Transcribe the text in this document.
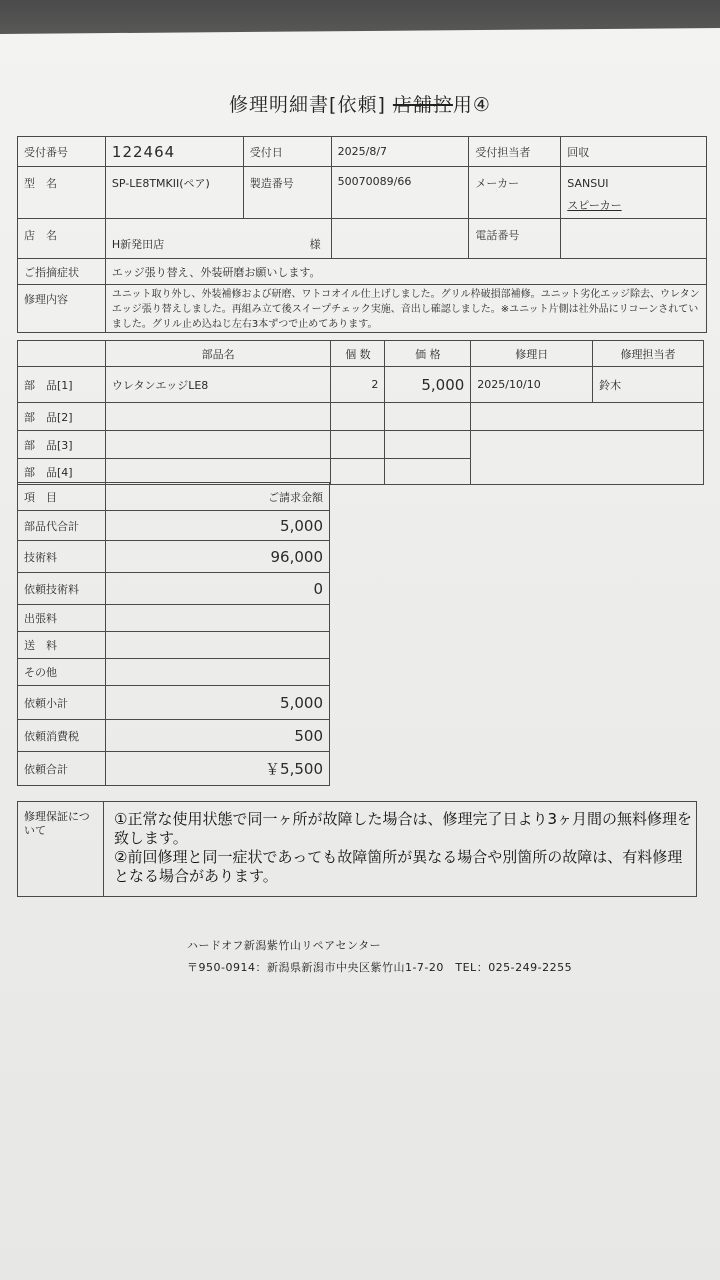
修理明細書[依頼] 店舗控用④
受付番号	122464	受付日	2025/8/7	受付担当者	回収
型　名	SP-LE8TMKII(ペア)	製造番号	50070089/66	メーカー	SANSUI
スピーカー

店　名	H新発田店 様			電話番号	
ご指摘症状	エッジ張り替え、外装研磨お願いします。				
修理内容	ユニット取り外し、外装補修および研磨、ワトコオイル仕上げしました。グリル枠破損部補修。ユニット劣化エッジ除去、ウレタンエッジ張り替えしました。再組み立て後スイープチェック実施、音出し確認しました。※ユニット片側は社外品にリコーンされていました。グリル止め込ねじ左右3本ずつで止めてあります。				
	部品名	個 数	価 格	修理日	修理担当者
部　品[1]	ウレタンエッジLE8	2	5,000	2025/10/10	鈴木
部　品[2]					
部　品[3]					
部　品[4]					
項　目	ご請求金額
部品代合計	5,000
技術料	96,000
依頼技術料	0
出張料	
送　料	
その他	
依頼小計	5,000
依頼消費税	500
依頼合計	￥5,500
修理保証について
①正常な使用状態で同一ヶ所が故障した場合は、修理完了日より3ヶ月間の無料修理を致します。
②前回修理と同一症状であっても故障箇所が異なる場合や別箇所の故障は、有料修理となる場合があります。
ハードオフ新潟紫竹山リペアセンター
〒950-0914：新潟県新潟市中央区紫竹山1-7-20　TEL：025-249-2255
